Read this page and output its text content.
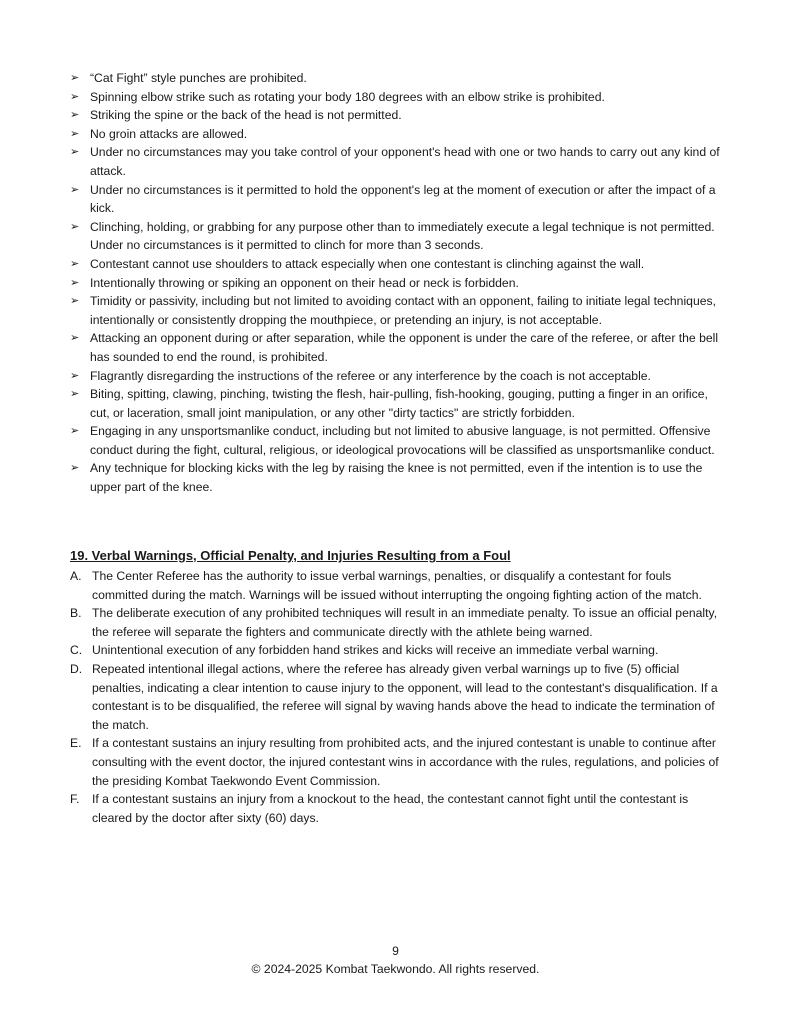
➢ “Cat Fight” style punches are prohibited.
➢ Spinning elbow strike such as rotating your body 180 degrees with an elbow strike is prohibited.
➢ Striking the spine or the back of the head is not permitted.
➢ No groin attacks are allowed.
➢ Under no circumstances may you take control of your opponent's head with one or two hands to carry out any kind of attack.
➢ Under no circumstances is it permitted to hold the opponent's leg at the moment of execution or after the impact of a kick.
➢ Clinching, holding, or grabbing for any purpose other than to immediately execute a legal technique is not permitted. Under no circumstances is it permitted to clinch for more than 3 seconds.
➢ Contestant cannot use shoulders to attack especially when one contestant is clinching against the wall.
➢ Intentionally throwing or spiking an opponent on their head or neck is forbidden.
➢ Timidity or passivity, including but not limited to avoiding contact with an opponent, failing to initiate legal techniques, intentionally or consistently dropping the mouthpiece, or pretending an injury, is not acceptable.
➢ Attacking an opponent during or after separation, while the opponent is under the care of the referee, or after the bell has sounded to end the round, is prohibited.
➢ Flagrantly disregarding the instructions of the referee or any interference by the coach is not acceptable.
➢ Biting, spitting, clawing, pinching, twisting the flesh, hair-pulling, fish-hooking, gouging, putting a finger in an orifice, cut, or laceration, small joint manipulation, or any other "dirty tactics" are strictly forbidden.
➢ Engaging in any unsportsmanlike conduct, including but not limited to abusive language, is not permitted. Offensive conduct during the fight, cultural, religious, or ideological provocations will be classified as unsportsmanlike conduct.
➢ Any technique for blocking kicks with the leg by raising the knee is not permitted, even if the intention is to use the upper part of the knee.
19. Verbal Warnings, Official Penalty, and Injuries Resulting from a Foul
A. The Center Referee has the authority to issue verbal warnings, penalties, or disqualify a contestant for fouls committed during the match. Warnings will be issued without interrupting the ongoing fighting action of the match.
B. The deliberate execution of any prohibited techniques will result in an immediate penalty. To issue an official penalty, the referee will separate the fighters and communicate directly with the athlete being warned.
C. Unintentional execution of any forbidden hand strikes and kicks will receive an immediate verbal warning.
D. Repeated intentional illegal actions, where the referee has already given verbal warnings up to five (5) official penalties, indicating a clear intention to cause injury to the opponent, will lead to the contestant's disqualification. If a contestant is to be disqualified, the referee will signal by waving hands above the head to indicate the termination of the match.
E. If a contestant sustains an injury resulting from prohibited acts, and the injured contestant is unable to continue after consulting with the event doctor, the injured contestant wins in accordance with the rules, regulations, and policies of the presiding Kombat Taekwondo Event Commission.
F. If a contestant sustains an injury from a knockout to the head, the contestant cannot fight until the contestant is cleared by the doctor after sixty (60) days.
9
© 2024-2025 Kombat Taekwondo. All rights reserved.
